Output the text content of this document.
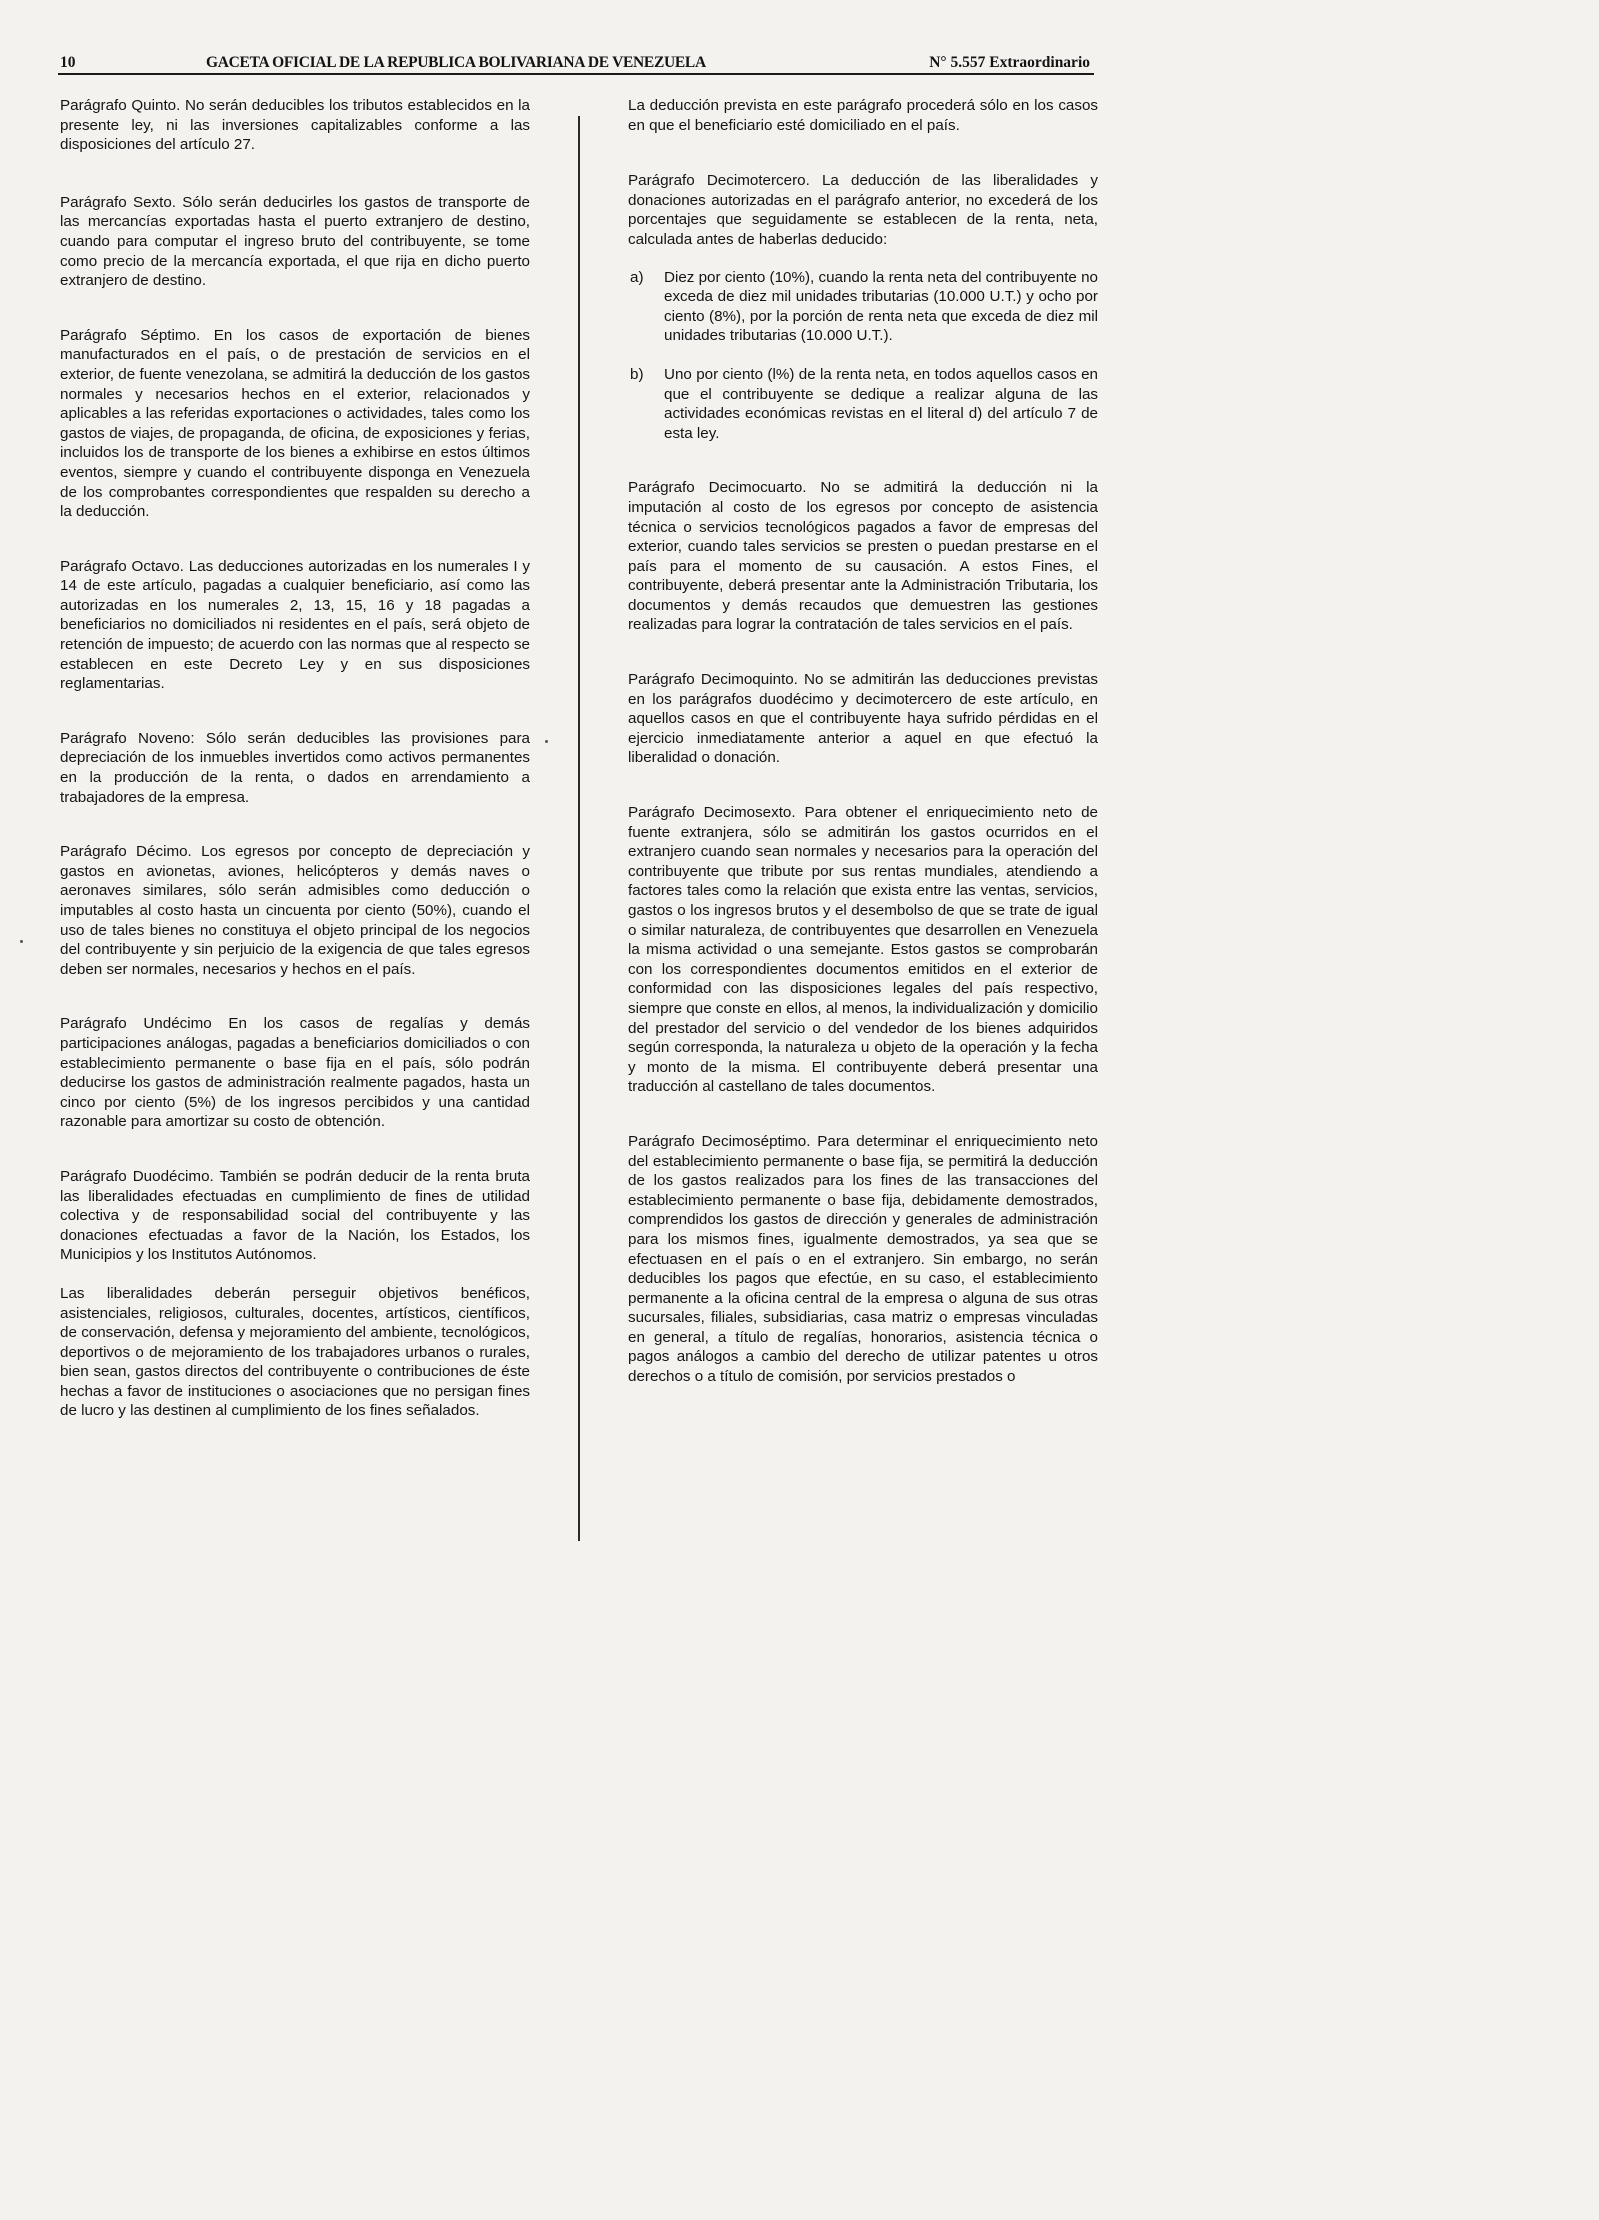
10	GACETA OFICIAL DE LA REPUBLICA BOLIVARIANA DE VENEZUELA	N° 5.557 Extraordinario

Parágrafo Quinto. No serán deducibles los tributos establecidos en la presente ley, ni las inversiones capitalizables conforme a las disposiciones del artículo 27.

Parágrafo Sexto. Sólo serán deducirles los gastos de transporte de las mercancías exportadas hasta el puerto extranjero de destino, cuando para computar el ingreso bruto del contribuyente, se tome como precio de la mercancía exportada, el que rija en dicho puerto extranjero de destino.

Parágrafo Séptimo. En los casos de exportación de bienes manufacturados en el país, o de prestación de servicios en el exterior, de fuente venezolana, se admitirá la deducción de los gastos normales y necesarios hechos en el exterior, relacionados y aplicables a las referidas exportaciones o actividades, tales como los gastos de viajes, de propaganda, de oficina, de exposiciones y ferias, incluidos los de transporte de los bienes a exhibirse en estos últimos eventos, siempre y cuando el contribuyente disponga en Venezuela de los comprobantes correspondientes que respalden su derecho a la deducción.

Parágrafo Octavo. Las deducciones autorizadas en los numerales I y 14 de este artículo, pagadas a cualquier beneficiario, así como las autorizadas en los numerales 2, 13, 15, 16 y 18 pagadas a beneficiarios no domiciliados ni residentes en el país, será objeto de retención de impuesto; de acuerdo con las normas que al respecto se establecen en este Decreto Ley y en sus disposiciones reglamentarias.

Parágrafo Noveno: Sólo serán deducibles las provisiones para depreciación de los inmuebles invertidos como activos permanentes en la producción de la renta, o dados en arrendamiento a trabajadores de la empresa.

Parágrafo Décimo. Los egresos por concepto de depreciación y gastos en avionetas, aviones, helicópteros y demás naves o aeronaves similares, sólo serán admisibles como deducción o imputables al costo hasta un cincuenta por ciento (50%), cuando el uso de tales bienes no constituya el objeto principal de los negocios del contribuyente y sin perjuicio de la exigencia de que tales egresos deben ser normales, necesarios y hechos en el país.

Parágrafo Undécimo En los casos de regalías y demás participaciones análogas, pagadas a beneficiarios domiciliados o con establecimiento permanente o base fija en el país, sólo podrán deducirse los gastos de administración realmente pagados, hasta un cinco por ciento (5%) de los ingresos percibidos y una cantidad razonable para amortizar su costo de obtención.

Parágrafo Duodécimo. También se podrán deducir de la renta bruta las liberalidades efectuadas en cumplimiento de fines de utilidad colectiva y de responsabilidad social del contribuyente y las donaciones efectuadas a favor de la Nación, los Estados, los Municipios y los Institutos Autónomos.

Las liberalidades deberán perseguir objetivos benéficos, asistenciales, religiosos, culturales, docentes, artísticos, científicos, de conservación, defensa y mejoramiento del ambiente, tecnológicos, deportivos o de mejoramiento de los trabajadores urbanos o rurales, bien sean, gastos directos del contribuyente o contribuciones de éste hechas a favor de instituciones o asociaciones que no persigan fines de lucro y las destinen al cumplimiento de los fines señalados.

La deducción prevista en este parágrafo procederá sólo en los casos en que el beneficiario esté domiciliado en el país.

Parágrafo Decimotercero. La deducción de las liberalidades y donaciones autorizadas en el parágrafo anterior, no excederá de los porcentajes que seguidamente se establecen de la renta, neta, calculada antes de haberlas deducido:

a) Diez por ciento (10%), cuando la renta neta del contribuyente no exceda de diez mil unidades tributarias (10.000 U.T.) y ocho por ciento (8%), por la porción de renta neta que exceda de diez mil unidades tributarias (10.000 U.T.).
b) Uno por ciento (l%) de la renta neta, en todos aquellos casos en que el contribuyente se dedique a realizar alguna de las actividades económicas revistas en el literal d) del artículo 7 de esta ley.

Parágrafo Decimocuarto. No se admitirá la deducción ni la imputación al costo de los egresos por concepto de asistencia técnica o servicios tecnológicos pagados a favor de empresas del exterior, cuando tales servicios se presten o puedan prestarse en el país para el momento de su causación. A estos Fines, el contribuyente, deberá presentar ante la Administración Tributaria, los documentos y demás recaudos que demuestren las gestiones realizadas para lograr la contratación de tales servicios en el país.

Parágrafo Decimoquinto. No se admitirán las deducciones previstas en los parágrafos duodécimo y decimotercero de este artículo, en aquellos casos en que el contribuyente haya sufrido pérdidas en el ejercicio inmediatamente anterior a aquel en que efectuó la liberalidad o donación.

Parágrafo Decimosexto. Para obtener el enriquecimiento neto de fuente extranjera, sólo se admitirán los gastos ocurridos en el extranjero cuando sean normales y necesarios para la operación del contribuyente que tribute por sus rentas mundiales, atendiendo a factores tales como la relación que exista entre las ventas, servicios, gastos o los ingresos brutos y el desembolso de que se trate de igual o similar naturaleza, de contribuyentes que desarrollen en Venezuela la misma actividad o una semejante. Estos gastos se comprobarán con los correspondientes documentos emitidos en el exterior de conformidad con las disposiciones legales del país respectivo, siempre que conste en ellos, al menos, la individualización y domicilio del prestador del servicio o del vendedor de los bienes adquiridos según corresponda, la naturaleza u objeto de la operación y la fecha y monto de la misma. El contribuyente deberá presentar una traducción al castellano de tales documentos.

Parágrafo Decimoséptimo. Para determinar el enriquecimiento neto del establecimiento permanente o base fija, se permitirá la deducción de los gastos realizados para los fines de las transacciones del establecimiento permanente o base fija, debidamente demostrados, comprendidos los gastos de dirección y generales de administración para los mismos fines, igualmente demostrados, ya sea que se efectuasen en el país o en el extranjero. Sin embargo, no serán deducibles los pagos que efectúe, en su caso, el establecimiento permanente a la oficina central de la empresa o alguna de sus otras sucursales, filiales, subsidiarias, casa matriz o empresas vinculadas en general, a título de regalías, honorarios, asistencia técnica o pagos análogos a cambio del derecho de utilizar patentes u otros derechos o a título de comisión, por servicios prestados o
